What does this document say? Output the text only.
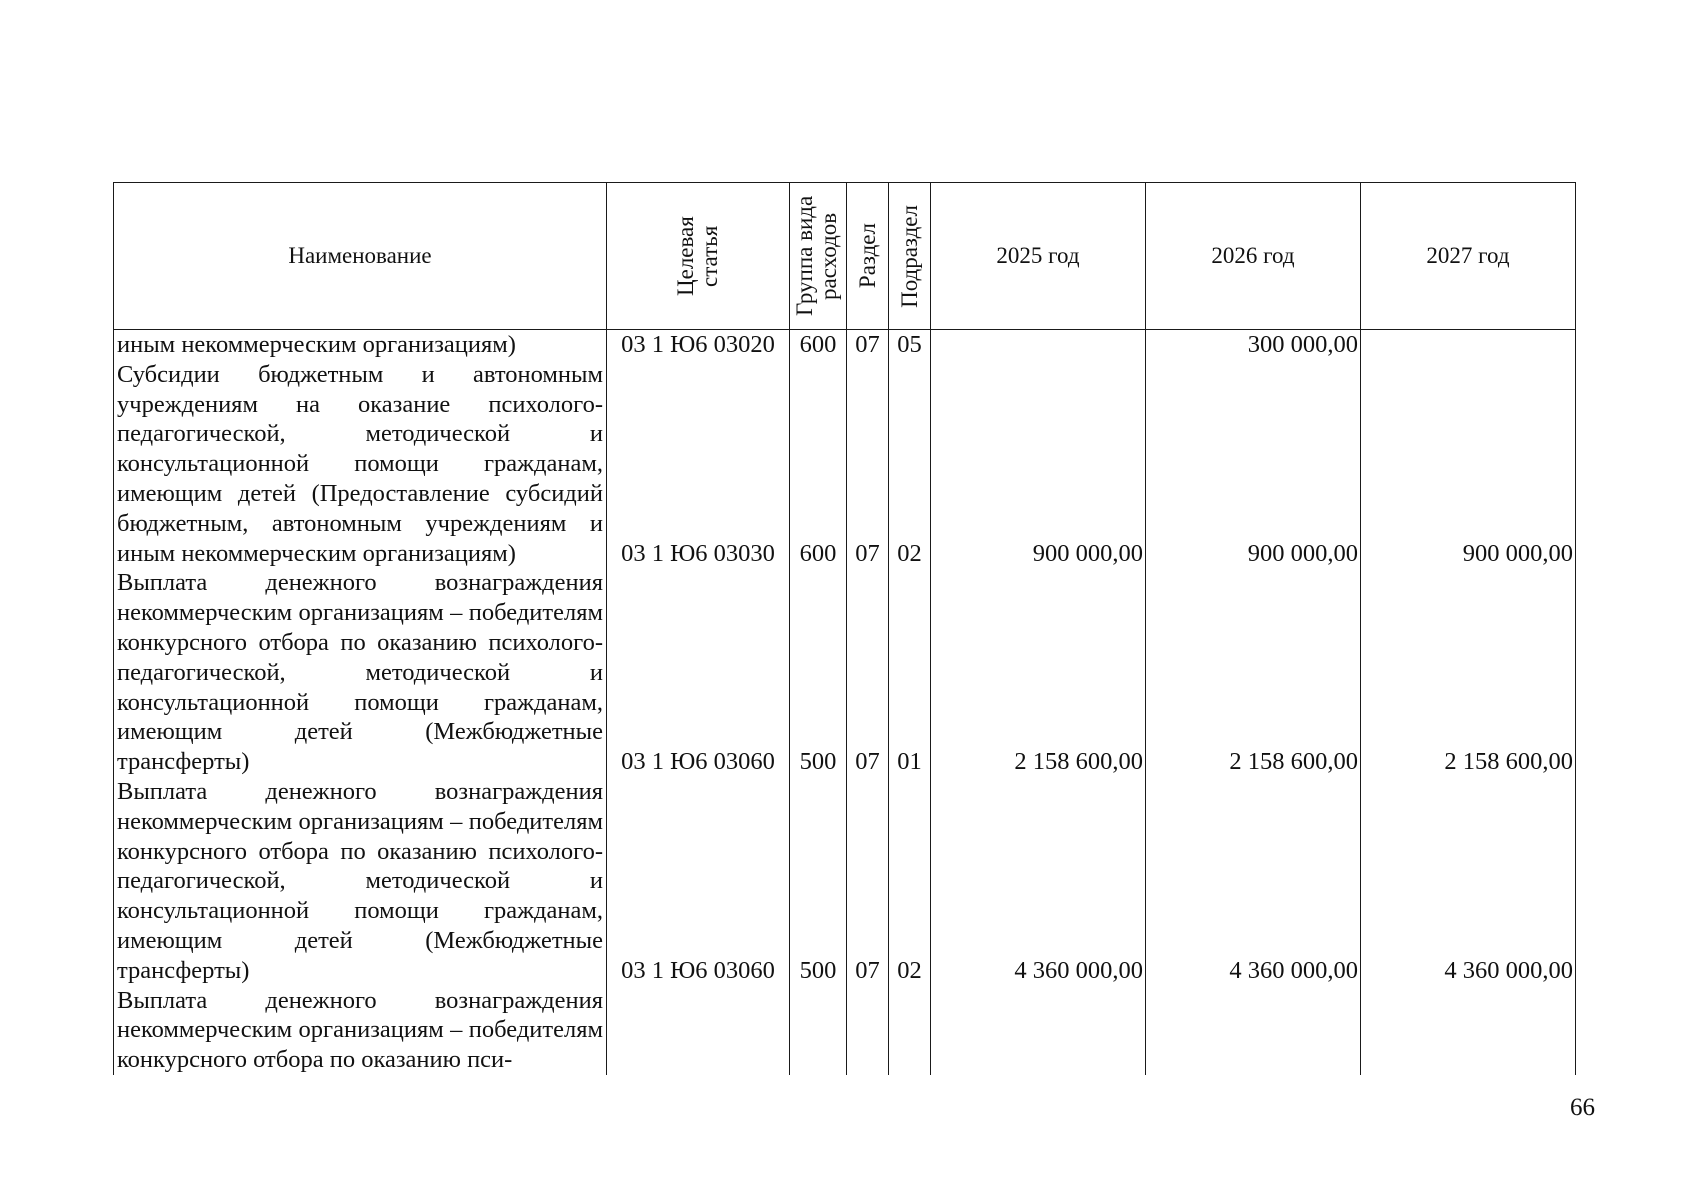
Наименование	Целевая статья	Группа вида расходов	Раздел	Подраздел	2025 год	2026 год	2027 год
иным некоммерческим организациям)	03 1 Ю6 03020	600	07	05		300 000,00	
Субсидии бюджетным и автономным учреждениям на оказание психолого-педагогической, методической и консультационной помощи гражданам, имеющим детей (Предоставление субсидий бюджетным, автономным учреждениям и иным некоммерческим организациям)	03 1 Ю6 03030	600	07	02	900 000,00	900 000,00	900 000,00
Выплата денежного вознаграждения некоммерческим организациям – победителям конкурсного отбора по оказанию психолого-педагогической, методической и консультационной помощи гражданам, имеющим детей (Межбюджетные трансферты)	03 1 Ю6 03060	500	07	01	2 158 600,00	2 158 600,00	2 158 600,00
Выплата денежного вознаграждения некоммерческим организациям – победителям конкурсного отбора по оказанию психолого-педагогической, методической и консультационной помощи гражданам, имеющим детей (Межбюджетные трансферты)	03 1 Ю6 03060	500	07	02	4 360 000,00	4 360 000,00	4 360 000,00
Выплата денежного вознаграждения некоммерческим организациям – победителям конкурсного отбора по оказанию пси-							
66
